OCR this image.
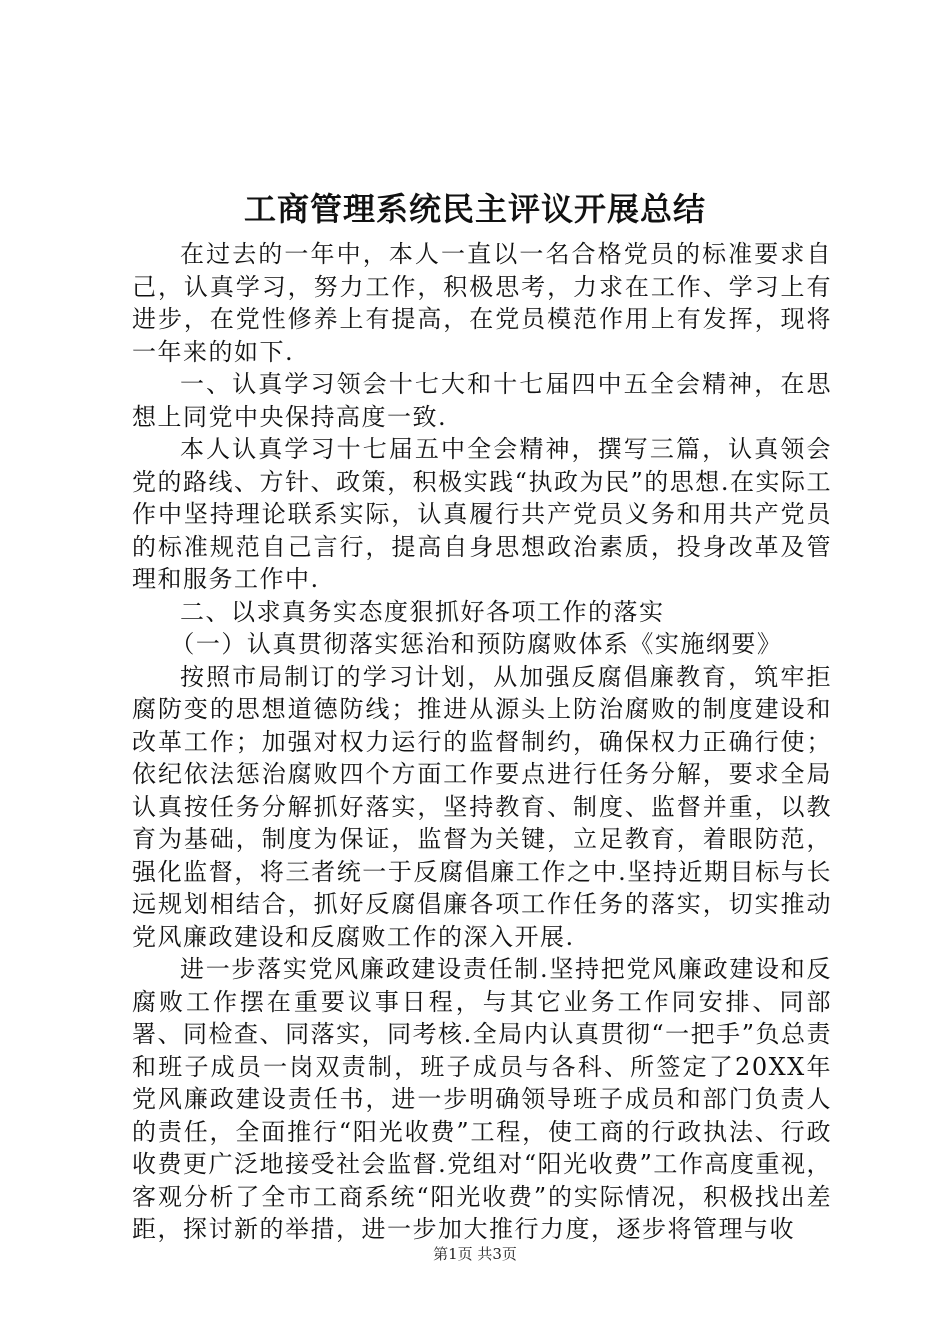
工商管理系统民主评议开展总结

在过去的一年中，本人一直以一名合格党员的标准要求自己，认真学习，努力工作，积极思考，力求在工作、学习上有进步，在党性修养上有提高，在党员模范作用上有发挥，现将一年来的如下.

一、认真学习领会十七大和十七届四中五全会精神，在思想上同党中央保持高度一致.

本人认真学习十七届五中全会精神，撰写三篇，认真领会党的路线、方针、政策，积极实践“执政为民”的思想.在实际工作中坚持理论联系实际，认真履行共产党员义务和用共产党员的标准规范自己言行，提高自身思想政治素质，投身改革及管理和服务工作中.

二、以求真务实态度狠抓好各项工作的落实

（一）认真贯彻落实惩治和预防腐败体系《实施纲要》

按照市局制订的学习计划，从加强反腐倡廉教育，筑牢拒腐防变的思想道德防线；推进从源头上防治腐败的制度建设和改革工作；加强对权力运行的监督制约，确保权力正确行使；依纪依法惩治腐败四个方面工作要点进行任务分解，要求全局认真按任务分解抓好落实，坚持教育、制度、监督并重，以教育为基础，制度为保证，监督为关键，立足教育，着眼防范，强化监督，将三者统一于反腐倡廉工作之中.坚持近期目标与长远规划相结合，抓好反腐倡廉各项工作任务的落实，切实推动党风廉政建设和反腐败工作的深入开展.

进一步落实党风廉政建设责任制.坚持把党风廉政建设和反腐败工作摆在重要议事日程，与其它业务工作同安排、同部署、同检查、同落实，同考核.全局内认真贯彻“一把手”负总责和班子成员一岗双责制，班子成员与各科、所签定了20XX年党风廉政建设责任书，进一步明确领导班子成员和部门负责人的责任，全面推行“阳光收费”工程，使工商的行政执法、行政收费更广泛地接受社会监督.党组对“阳光收费”工作高度重视，客观分析了全市工商系统“阳光收费”的实际情况，积极找出差距，探讨新的举措，进一步加大推行力度，逐步将管理与收

第1页 共3页
